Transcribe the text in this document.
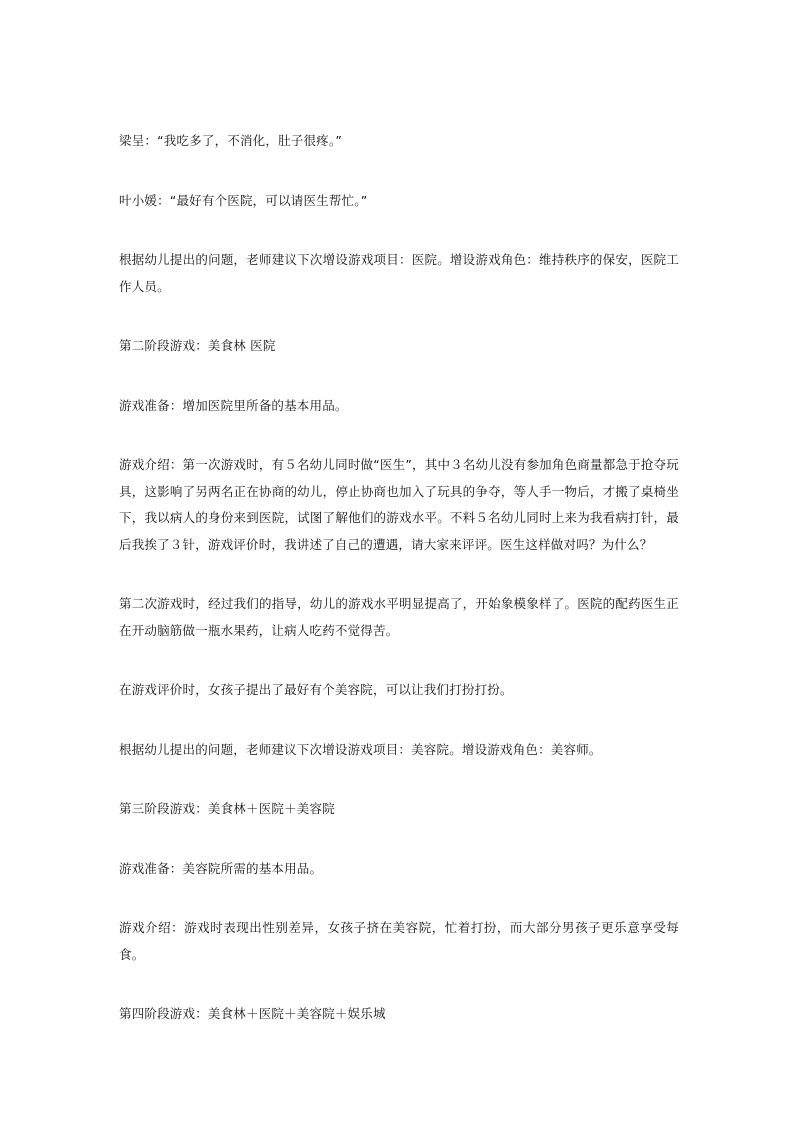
梁呈：“我吃多了，不消化，肚子很疼。”

叶小媛：“最好有个医院，可以请医生帮忙。”

根据幼儿提出的问题，老师建议下次增设游戏项目：医院。增设游戏角色：维持秩序的保安，医院工作人员。

第二阶段游戏：美食林 医院

游戏准备：增加医院里所备的基本用品。

游戏介绍：第一次游戏时，有５名幼儿同时做“医生”，其中３名幼儿没有参加角色商量都急于抢夺玩具，这影响了另两名正在协商的幼儿，停止协商也加入了玩具的争夺，等人手一物后，才搬了桌椅坐下，我以病人的身份来到医院，试图了解他们的游戏水平。不料５名幼儿同时上来为我看病打针，最后我挨了３针，游戏评价时，我讲述了自己的遭遇，请大家来评评。医生这样做对吗？为什么？

第二次游戏时，经过我们的指导，幼儿的游戏水平明显提高了，开始象模象样了。医院的配药医生正在开动脑筋做一瓶水果药，让病人吃药不觉得苦。

在游戏评价时，女孩子提出了最好有个美容院，可以让我们打扮打扮。

根据幼儿提出的问题，老师建议下次增设游戏项目：美容院。增设游戏角色：美容师。

第三阶段游戏：美食林＋医院＋美容院

游戏准备：美容院所需的基本用品。

游戏介绍：游戏时表现出性别差异，女孩子挤在美容院，忙着打扮，而大部分男孩子更乐意享受每食。

第四阶段游戏：美食林＋医院＋美容院＋娱乐城
